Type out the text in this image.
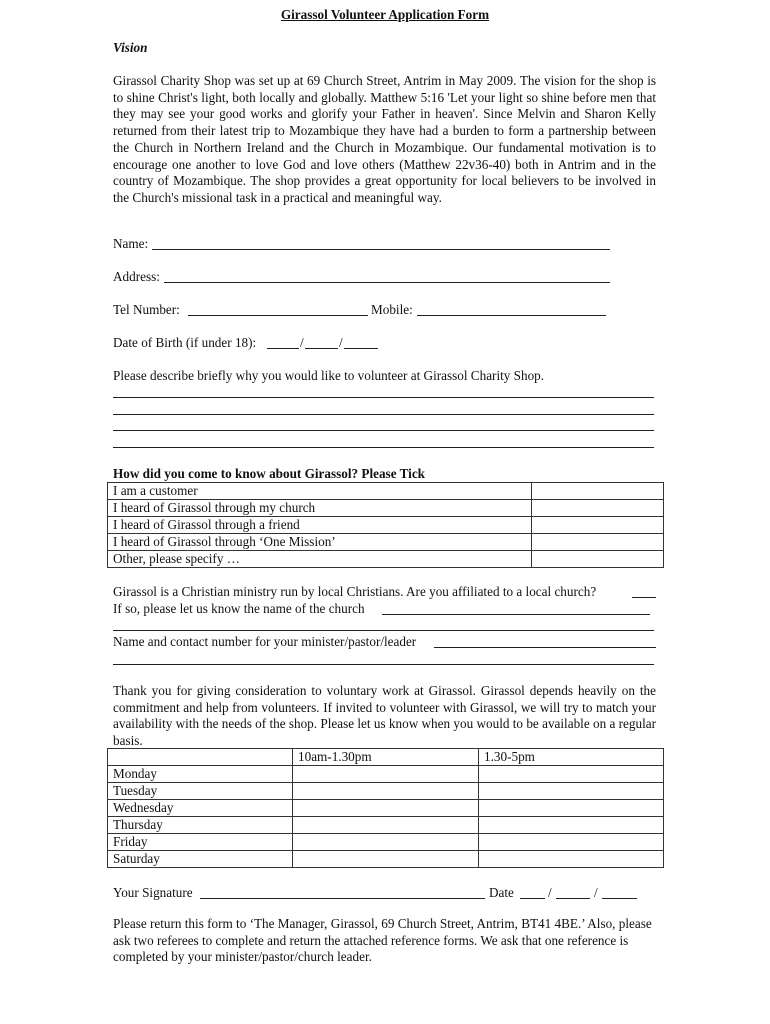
Girassol Volunteer Application Form
Vision
Girassol Charity Shop was set up at 69 Church Street, Antrim in May 2009. The vision for the shop is to shine Christ's light, both locally and globally. Matthew 5:16 'Let your light so shine before men that they may see your good works and glorify your Father in heaven'. Since Melvin and Sharon Kelly returned from their latest trip to Mozambique they have had a burden to form a partnership between the Church in Northern Ireland and the Church in Mozambique. Our fundamental motivation is to encourage one another to love God and love others (Matthew 22v36-40) both in Antrim and in the country of Mozambique. The shop provides a great opportunity for local believers to be involved in the Church's missional task in a practical and meaningful way.
Name:
Address:
Tel Number:	Mobile:
Date of Birth (if under 18):	/	/
Please describe briefly why you would like to volunteer at Girassol Charity Shop.
How did you come to know about Girassol? Please Tick
I am a customer	
I heard of Girassol through my church	
I heard of Girassol through a friend	
I heard of Girassol through ‘One Mission’	
Other, please specify …	
Girassol is a Christian ministry run by local Christians. Are you affiliated to a local church?
If so, please let us know the name of the church
Name and contact number for your minister/pastor/leader
Thank you for giving consideration to voluntary work at Girassol. Girassol depends heavily on the commitment and help from volunteers. If invited to volunteer with Girassol, we will try to match your availability with the needs of the shop. Please let us know when you would to be available on a regular basis.
	10am-1.30pm	1.30-5pm
Monday		
Tuesday		
Wednesday		
Thursday		
Friday		
Saturday		
Your Signature	Date	/	/
Please return this form to ‘The Manager, Girassol, 69 Church Street, Antrim, BT41 4BE.’ Also, please ask two referees to complete and return the attached reference forms. We ask that one reference is completed by your minister/pastor/church leader.
